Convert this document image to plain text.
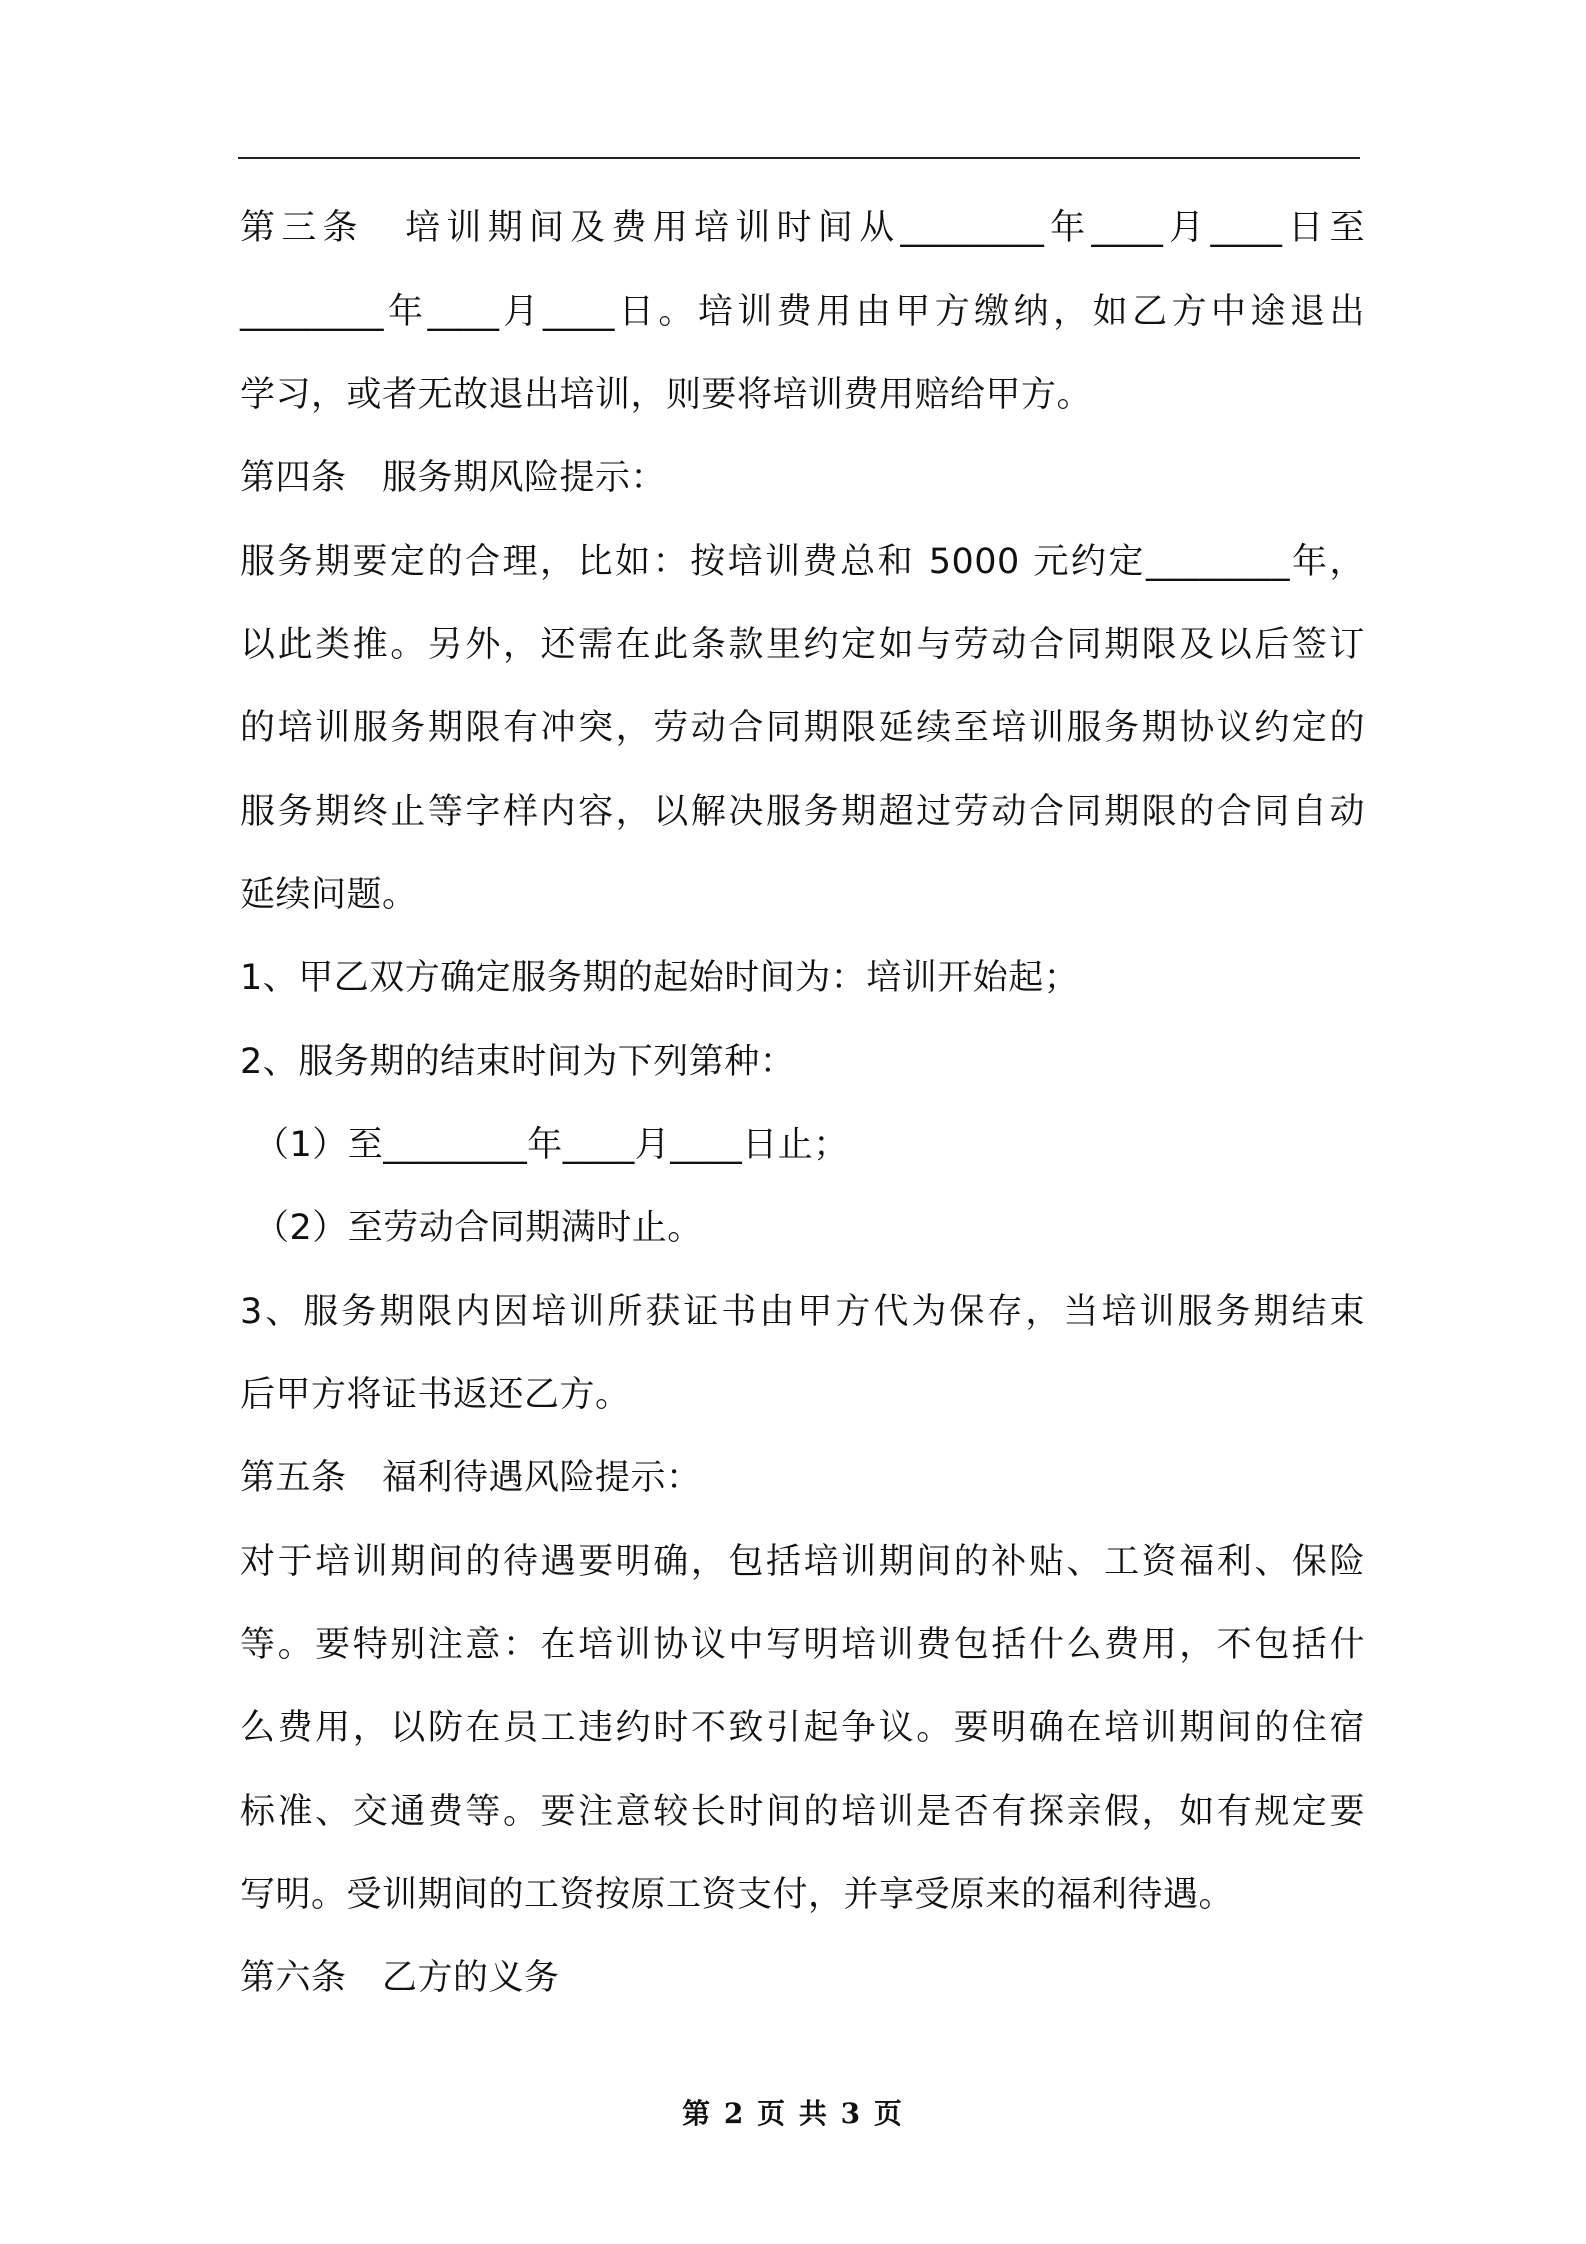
第三条　培训期间及费用培训时间从________年____月____日至
________年____月____日。培训费用由甲方缴纳，如乙方中途退出
学习，或者无故退出培训，则要将培训费用赔给甲方。
第四条　服务期风险提示：
服务期要定的合理，比如：按培训费总和 5000 元约定________年，
以此类推。另外，还需在此条款里约定如与劳动合同期限及以后签订
的培训服务期限有冲突，劳动合同期限延续至培训服务期协议约定的
服务期终止等字样内容，以解决服务期超过劳动合同期限的合同自动
延续问题。
1、甲乙双方确定服务期的起始时间为：培训开始起；
2、服务期的结束时间为下列第种：
（1）至________年____月____日止；
（2）至劳动合同期满时止。
3、服务期限内因培训所获证书由甲方代为保存，当培训服务期结束
后甲方将证书返还乙方。
第五条　福利待遇风险提示：
对于培训期间的待遇要明确，包括培训期间的补贴、工资福利、保险
等。要特别注意：在培训协议中写明培训费包括什么费用，不包括什
么费用，以防在员工违约时不致引起争议。要明确在培训期间的住宿
标准、交通费等。要注意较长时间的培训是否有探亲假，如有规定要
写明。受训期间的工资按原工资支付，并享受原来的福利待遇。
第六条　乙方的义务
第 2 页 共 3 页
